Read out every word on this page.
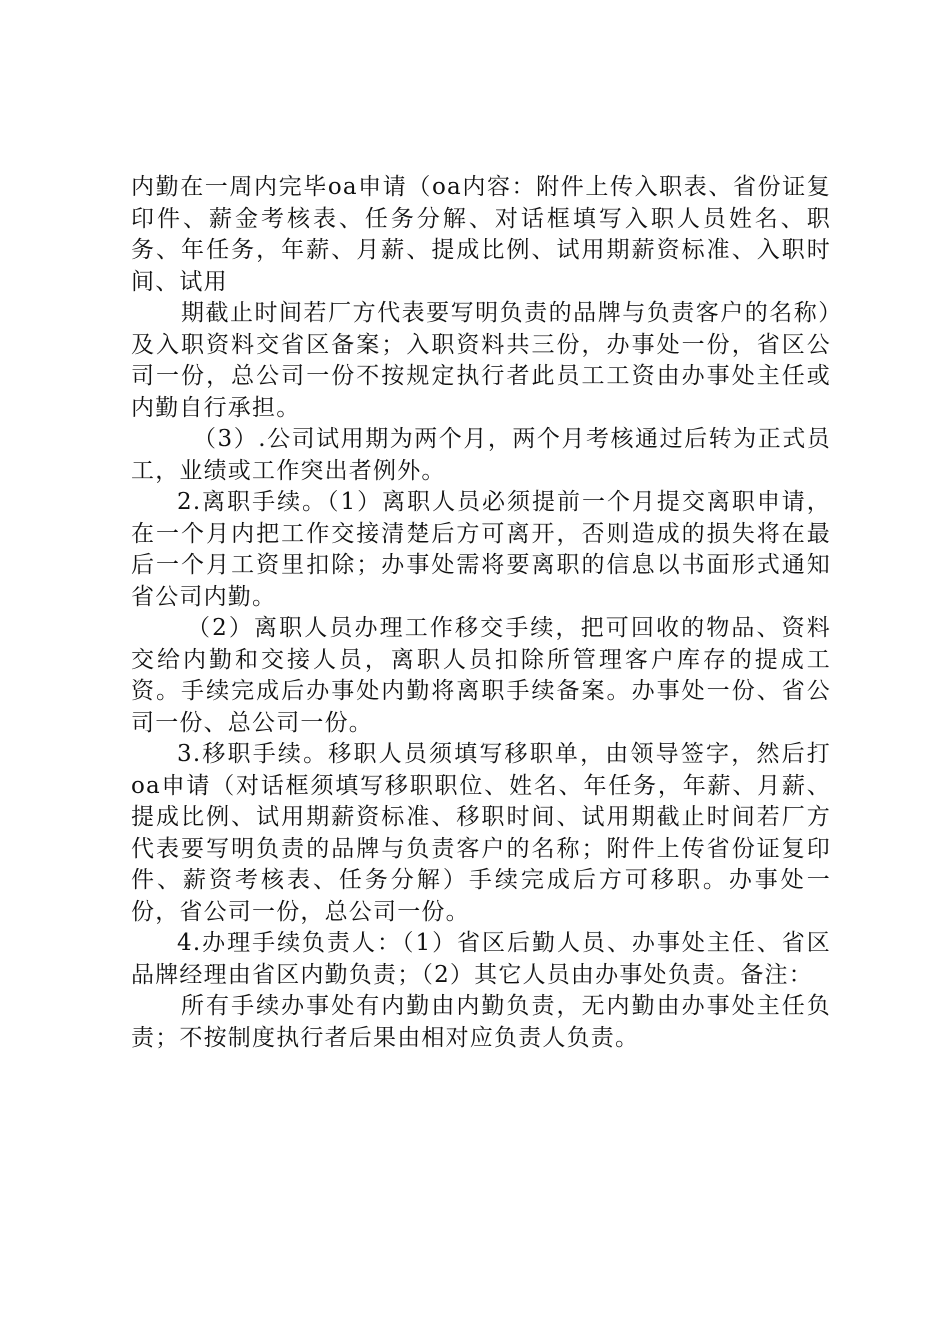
内勤在一周内完毕oa申请（oa内容：附件上传入职表、省份证复印件、薪金考核表、任务分解、对话框填写入职人员姓名、职务、年任务，年薪、月薪、提成比例、试用期薪资标准、入职时间、试用

期截止时间若厂方代表要写明负责的品牌与负责客户的名称）及入职资料交省区备案；入职资料共三份，办事处一份，省区公司一份，总公司一份不按规定执行者此员工工资由办事处主任或内勤自行承担。

（3）.公司试用期为两个月，两个月考核通过后转为正式员工，业绩或工作突出者例外。

2.离职手续。（1）离职人员必须提前一个月提交离职申请，在一个月内把工作交接清楚后方可离开，否则造成的损失将在最后一个月工资里扣除；办事处需将要离职的信息以书面形式通知省公司内勤。

（2）离职人员办理工作移交手续，把可回收的物品、资料交给内勤和交接人员，离职人员扣除所管理客户库存的提成工资。手续完成后办事处内勤将离职手续备案。办事处一份、省公司一份、总公司一份。

3.移职手续。移职人员须填写移职单，由领导签字，然后打oa申请（对话框须填写移职职位、姓名、年任务，年薪、月薪、提成比例、试用期薪资标准、移职时间、试用期截止时间若厂方代表要写明负责的品牌与负责客户的名称；附件上传省份证复印件、薪资考核表、任务分解）手续完成后方可移职。办事处一份，省公司一份，总公司一份。

4.办理手续负责人：（1）省区后勤人员、办事处主任、省区品牌经理由省区内勤负责；（2）其它人员由办事处负责。备注：

所有手续办事处有内勤由内勤负责，无内勤由办事处主任负责；不按制度执行者后果由相对应负责人负责。
